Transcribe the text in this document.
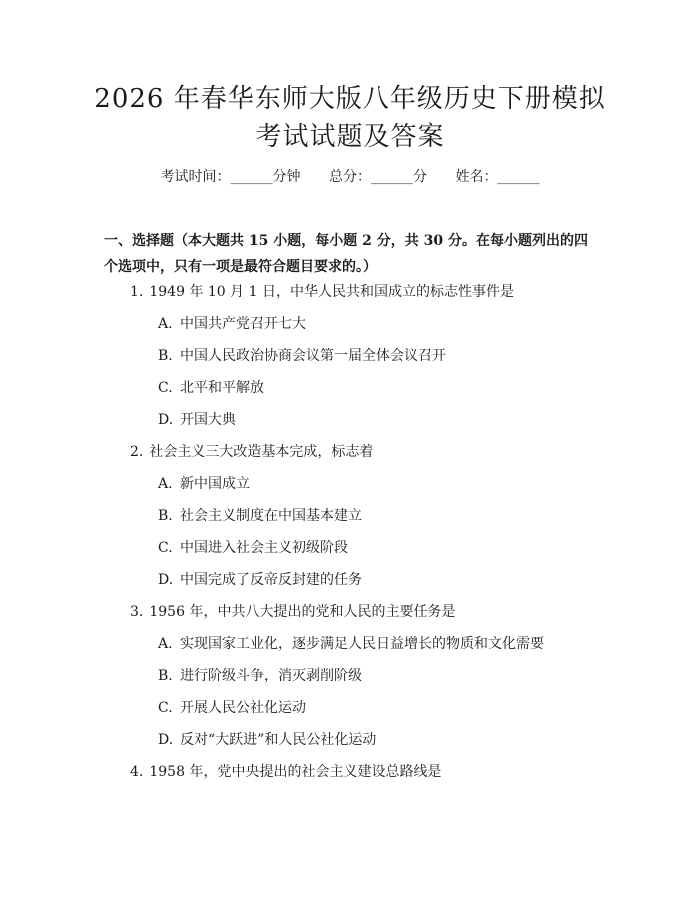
2026 年春华东师大版八年级历史下册模拟考试试题及答案
考试时间：______分钟 总分：______分 姓名：______
一、选择题（本大题共 15 小题，每小题 2 分，共 30 分。在每小题列出的四个选项中，只有一项是最符合题目要求的。）
1. 1949 年 10 月 1 日，中华人民共和国成立的标志性事件是
A. 中国共产党召开七大
B. 中国人民政治协商会议第一届全体会议召开
C. 北平和平解放
D. 开国大典
2. 社会主义三大改造基本完成，标志着
A. 新中国成立
B. 社会主义制度在中国基本建立
C. 中国进入社会主义初级阶段
D. 中国完成了反帝反封建的任务
3. 1956 年，中共八大提出的党和人民的主要任务是
A. 实现国家工业化，逐步满足人民日益增长的物质和文化需要
B. 进行阶级斗争，消灭剥削阶级
C. 开展人民公社化运动
D. 反对“大跃进”和人民公社化运动
4. 1958 年，党中央提出的社会主义建设总路线是
